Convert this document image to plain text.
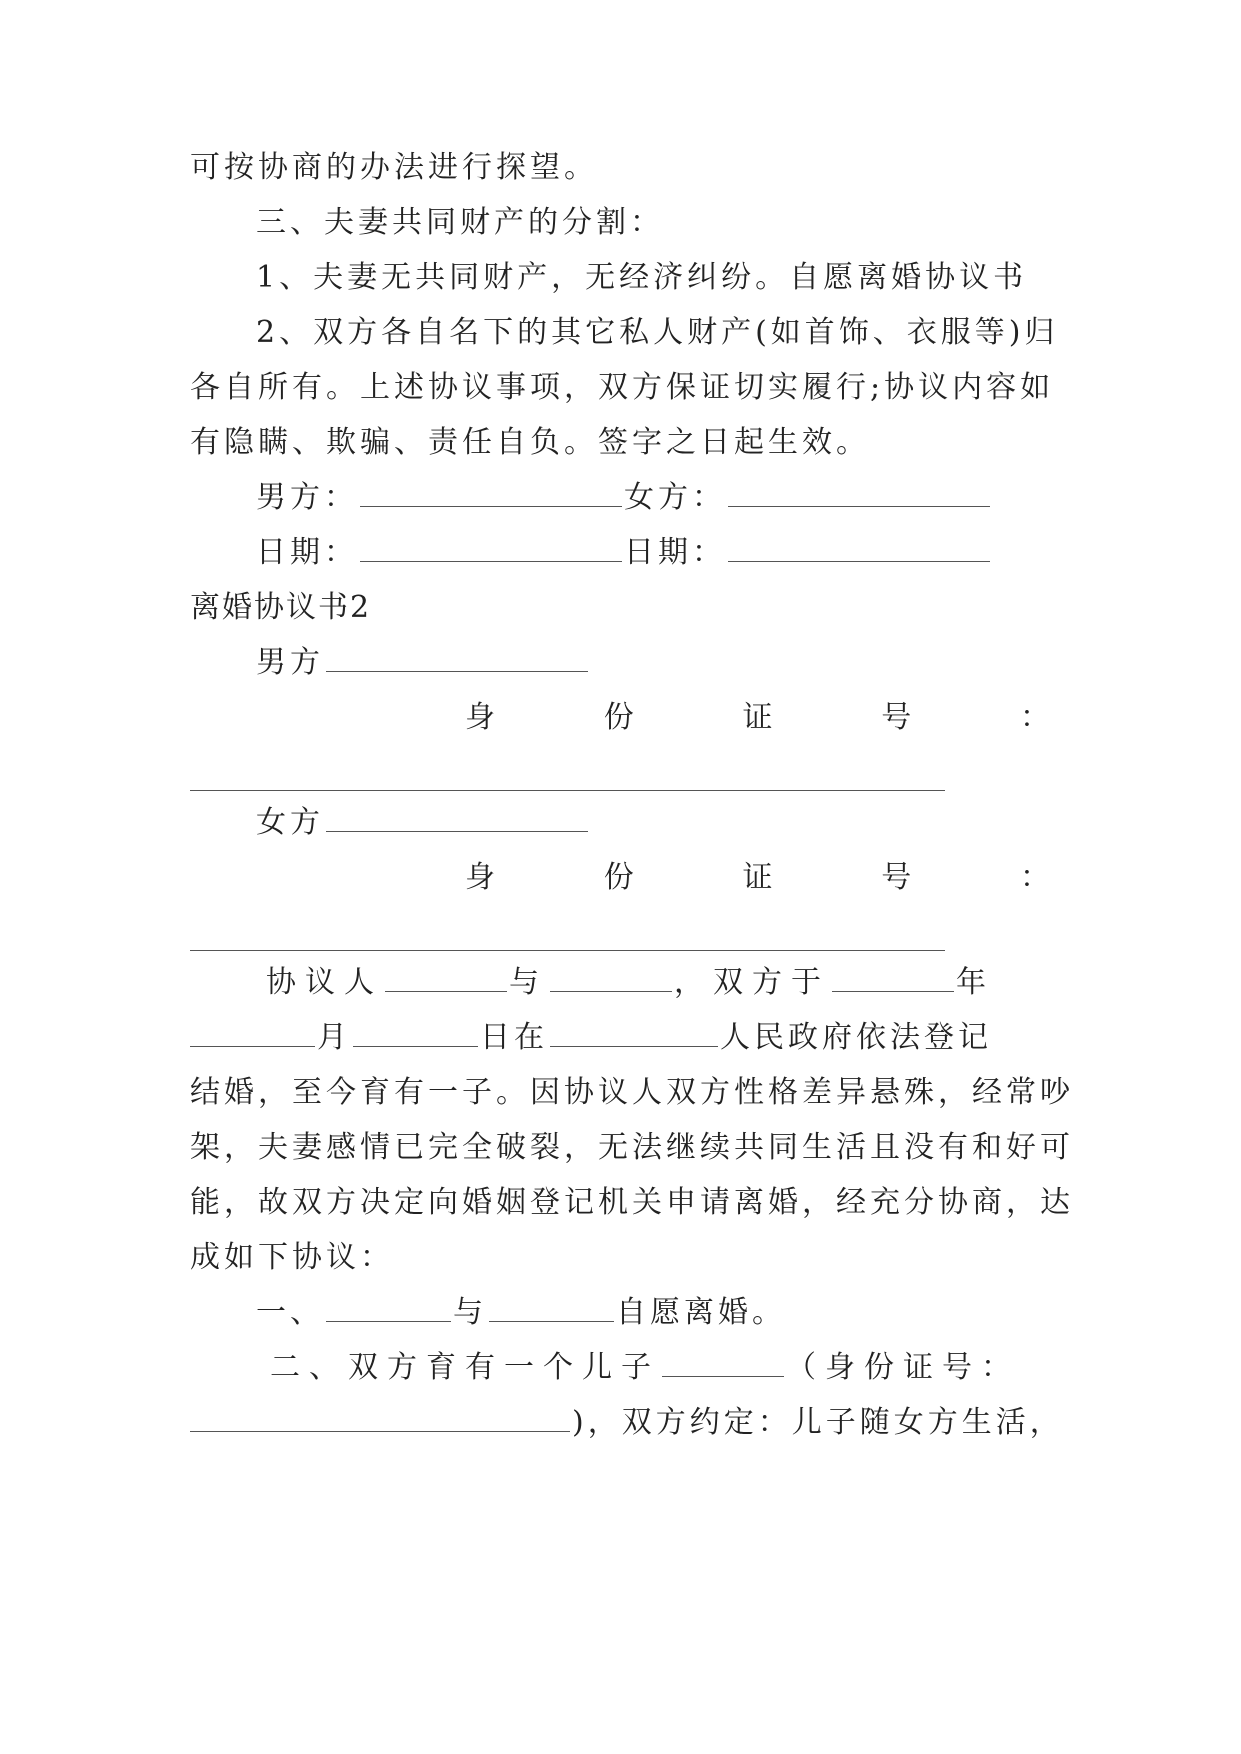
可按协商的办法进行探望。
三、夫妻共同财产的分割：
1、夫妻无共同财产，无经济纠纷。自愿离婚协议书
2、双方各自名下的其它私人财产(如首饰、衣服等)归
各自所有。上述协议事项，双方保证切实履行;协议内容如
有隐瞒、欺骗、责任自负。签字之日起生效。
男方：	女方：
日期：	日期：
离婚协议书2
男方
身	份	证	号	：
女方
身	份	证	号	：
协议人	与	，双方于	年
月	日在	人民政府依法登记
结婚，至今育有一子。因协议人双方性格差异悬殊，经常吵
架，夫妻感情已完全破裂，无法继续共同生活且没有和好可
能，故双方决定向婚姻登记机关申请离婚，经充分协商，达
成如下协议：
一、	与	自愿离婚。
二、双方育有一个儿子	（身份证号：
)，双方约定：儿子随女方生活，
